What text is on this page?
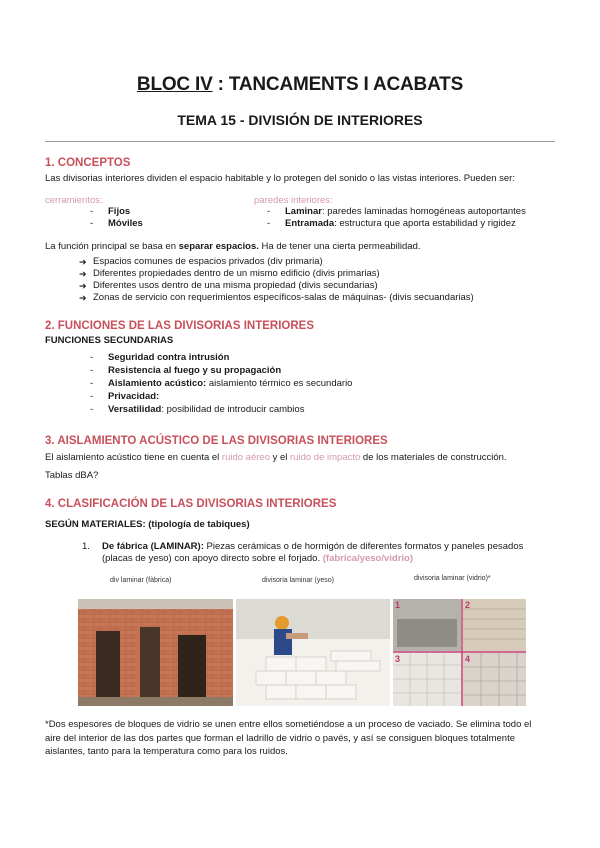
BLOC IV : TANCAMENTS I ACABATS
TEMA 15 - DIVISIÓN DE INTERIORES
1. CONCEPTOS
Las divisorias interiores dividen el espacio habitable y lo protegen del sonido o las vistas interiores. Pueden ser:
cerramientos:
- Fijos
- Móviles
paredes interiores:
- Laminar: paredes laminadas homogéneas autoportantes
- Entramada: estructura que aporta estabilidad y rigidez
La función principal se basa en separar espacios. Ha de tener una cierta permeabilidad.
➔ Espacios comunes de espacios privados (div primaria)
➔ Diferentes propiedades dentro de un mismo edificio (divis primarias)
➔ Diferentes usos dentro de una misma propiedad (divis secundarias)
➔ Zonas de servicio con requerimientos específicos-salas de máquinas- (divis secuandarias)
2. FUNCIONES DE LAS DIVISORIAS INTERIORES
FUNCIONES SECUNDARIAS
- Seguridad contra intrusión
- Resistencia al fuego y su propagación
- Aislamiento acústico: aislamiento térmico es secundario
- Privacidad:
- Versatilidad: posibilidad de introducir cambios
3. AISLAMIENTO ACÚSTICO DE LAS DIVISORIAS INTERIORES
El aislamiento acústico tiene en cuenta el ruido aéreo y el ruido de impacto de los materiales de construcción.
Tablas dBA?
4. CLASIFICACIÓN DE LAS DIVISORIAS INTERIORES
SEGÚN MATERIALES: (tipología de tabiques)
1. De fábrica (LAMINAR): Piezas cerámicas o de hormigón de diferentes formatos y paneles pesados
(placas de yeso) con apoyo directo sobre el forjado. (fabrica/yeso/vidrio)
div laminar (fàbrica)	divisoria laminar (yeso)	divisoria laminar (vidrio)*
1	2
3	4
*Dos espesores de bloques de vidrio se unen entre ellos sometiéndose a un proceso de vaciado. Se elimina todo el
aire del interior de las dos partes que forman el ladrillo de vidrio o pavés, y así se consiguen bloques totalmente
aislantes, tanto para la temperatura como para los ruidos.
